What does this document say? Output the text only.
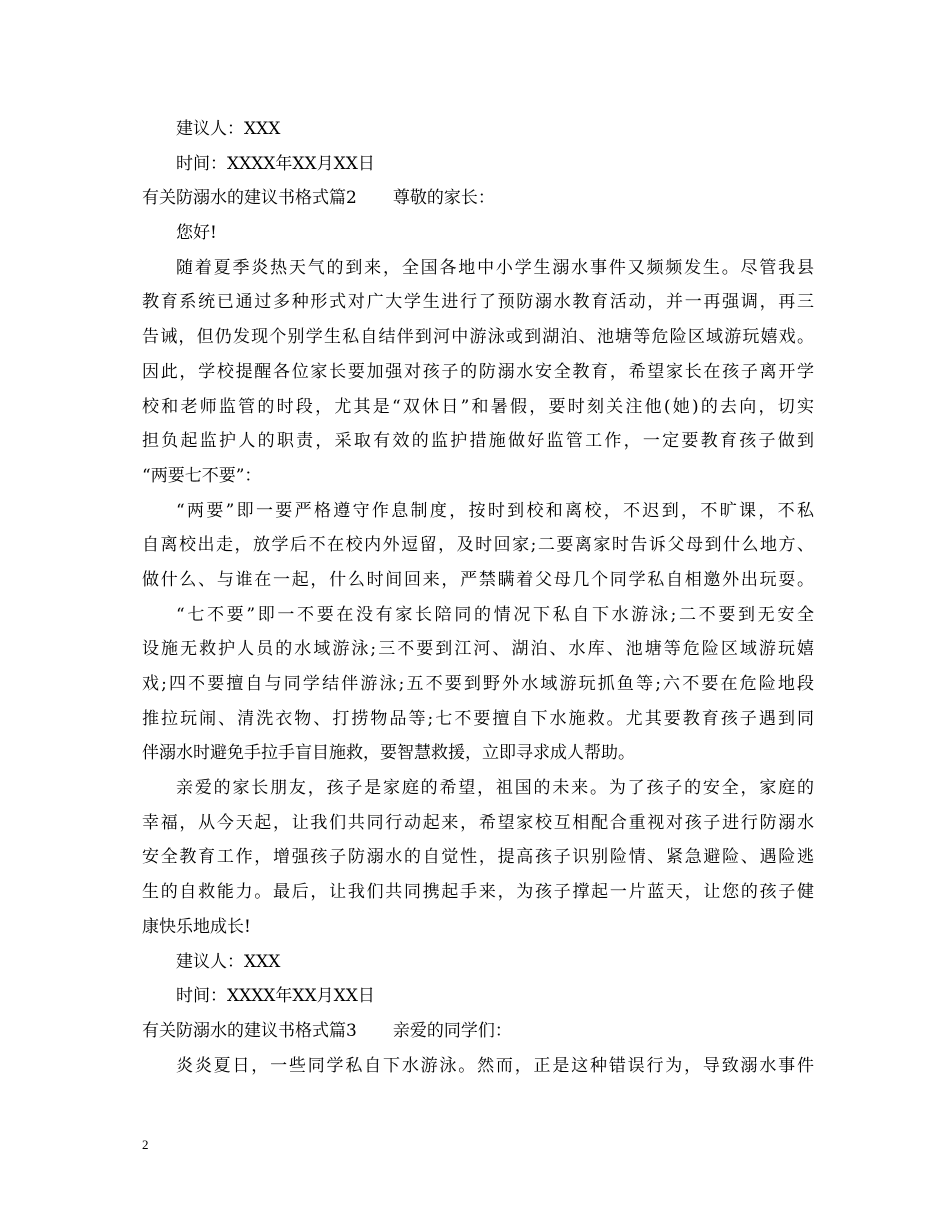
建议人：XXX
时间：XXXX年XX月XX日
有关防溺水的建议书格式篇2 尊敬的家长：
您好!
随着夏季炎热天气的到来，全国各地中小学生溺水事件又频频发生。尽管我县
教育系统已通过多种形式对广大学生进行了预防溺水教育活动，并一再强调，再三
告诫，但仍发现个别学生私自结伴到河中游泳或到湖泊、池塘等危险区域游玩嬉戏。
因此，学校提醒各位家长要加强对孩子的防溺水安全教育，希望家长在孩子离开学
校和老师监管的时段，尤其是“双休日”和暑假，要时刻关注他(她)的去向，切实
担负起监护人的职责，采取有效的监护措施做好监管工作，一定要教育孩子做到
“两要七不要”：
“两要”即一要严格遵守作息制度，按时到校和离校，不迟到，不旷课，不私
自离校出走，放学后不在校内外逗留，及时回家;二要离家时告诉父母到什么地方、
做什么、与谁在一起，什么时间回来，严禁瞒着父母几个同学私自相邀外出玩耍。
“七不要”即一不要在没有家长陪同的情况下私自下水游泳;二不要到无安全
设施无救护人员的水域游泳;三不要到江河、湖泊、水库、池塘等危险区域游玩嬉
戏;四不要擅自与同学结伴游泳;五不要到野外水域游玩抓鱼等;六不要在危险地段
推拉玩闹、清洗衣物、打捞物品等;七不要擅自下水施救。尤其要教育孩子遇到同
伴溺水时避免手拉手盲目施救，要智慧救援，立即寻求成人帮助。
亲爱的家长朋友，孩子是家庭的希望，祖国的未来。为了孩子的安全，家庭的
幸福，从今天起，让我们共同行动起来，希望家校互相配合重视对孩子进行防溺水
安全教育工作，增强孩子防溺水的自觉性，提高孩子识别险情、紧急避险、遇险逃
生的自救能力。最后，让我们共同携起手来，为孩子撑起一片蓝天，让您的孩子健
康快乐地成长!
建议人：XXX
时间：XXXX年XX月XX日
有关防溺水的建议书格式篇3 亲爱的同学们：
炎炎夏日，一些同学私自下水游泳。然而，正是这种错误行为，导致溺水事件
2
